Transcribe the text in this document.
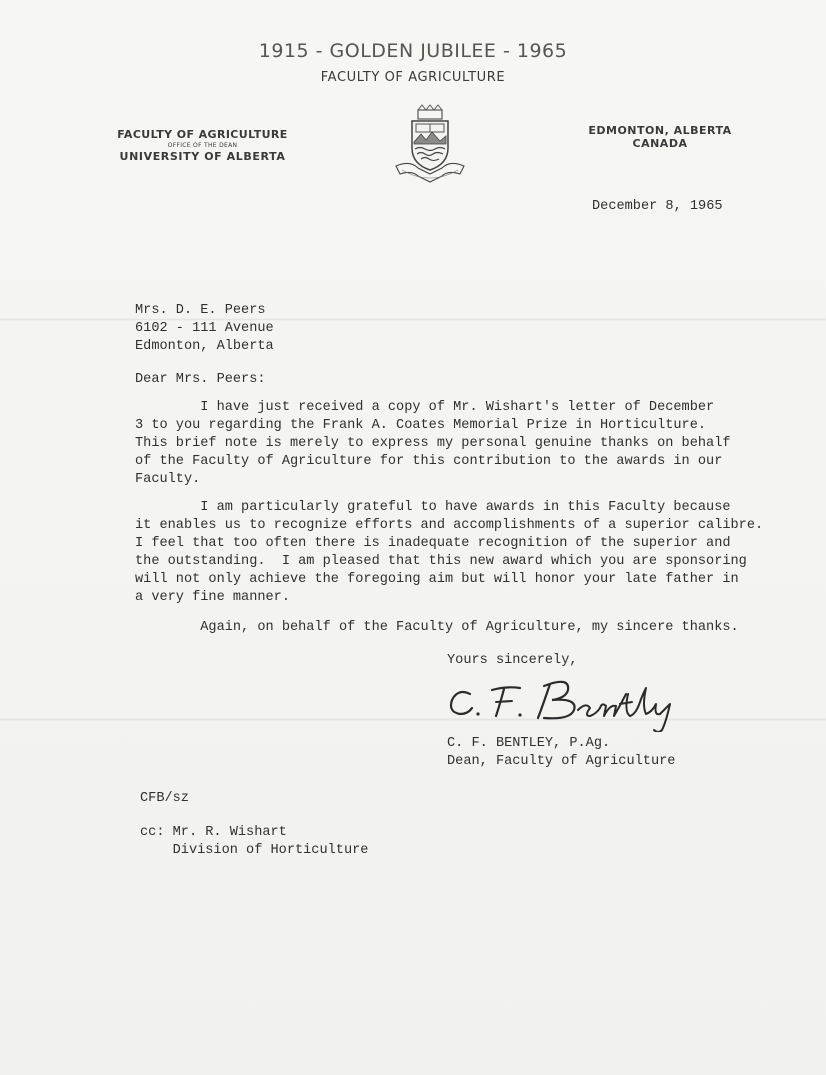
1915 - GOLDEN JUBILEE - 1965
FACULTY OF AGRICULTURE
FACULTY OF AGRICULTURE
OFFICE OF THE DEAN
UNIVERSITY OF ALBERTA
EDMONTON, ALBERTA
CANADA
December 8, 1965
Mrs. D. E. Peers
6102 - 111 Avenue
Edmonton, Alberta
Dear Mrs. Peers:
I have just received a copy of Mr. Wishart's letter of December
3 to you regarding the Frank A. Coates Memorial Prize in Horticulture.
This brief note is merely to express my personal genuine thanks on behalf
of the Faculty of Agriculture for this contribution to the awards in our
Faculty.
I am particularly grateful to have awards in this Faculty because
it enables us to recognize efforts and accomplishments of a superior calibre.
I feel that too often there is inadequate recognition of the superior and
the outstanding.  I am pleased that this new award which you are sponsoring
will not only achieve the foregoing aim but will honor your late father in
a very fine manner.
Again, on behalf of the Faculty of Agriculture, my sincere thanks.
Yours sincerely,
C. F. BENTLEY, P.Ag.
Dean, Faculty of Agriculture
CFB/sz
cc: Mr. R. Wishart
Division of Horticulture
